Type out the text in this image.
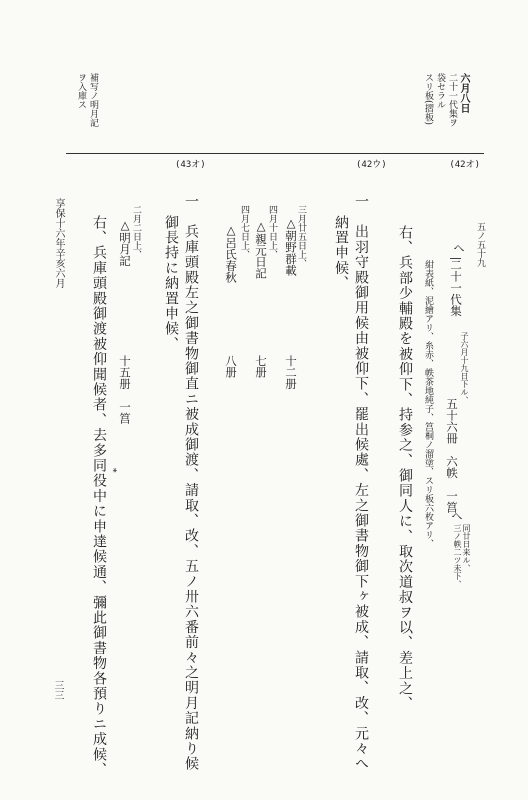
六月八日
二十一代集ヲ
袋セラル
スリ板(摺板)
補写ノ明月記
ヲ入庫ス
(42オ)
(42ウ)
(43オ)
五ノ五十九
へ
二十一代集
子六月十九日下ル、
五十六冊　六帙　一筥
へ
同廿日来ル、
三ノ帙二ツ未下、
紺表紙、泥繪アリ、糸赤、帙茶地純子、筥桐ノ溜塗、スリ板六枚アリ、
右、兵部少輔殿を被仰下、持参之、御同人に、取次道叔ヲ以、差上之、
一　出羽守殿御用候由被仰下、罷出候處、左之御書物御下ヶ被成、請取、改、元々へ
納置申候、
三月廿五日上、
△朝野群載
十二册
四月十日上、
△親元日記
七册
四月七日上、
△呂氏春秋
八册
一　兵庫頭殿左之御書物御直ニ被成御渡、請取、改、五ノ卅六番前々之明月記納り候
御長持に納置申候、
二月二日上、
△明月記
十五册　一筥
右、兵庫頭殿御渡被仰聞候者、去多同役中に申達候通、彌此御書物各預りニ成候、 *
享保十六年辛亥六月
三三
